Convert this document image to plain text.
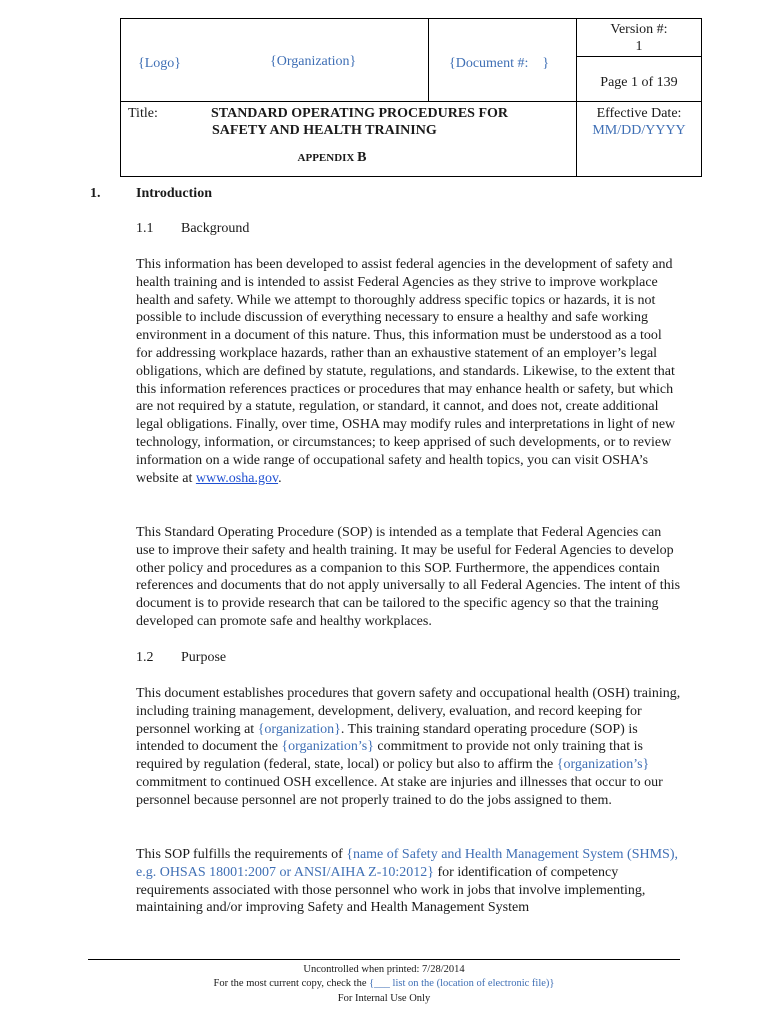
{Logo}	{Organization}	{Document #:    }
Version #:
1
Page 1 of 139
Title:	STANDARD OPERATING PROCEDURES FOR
SAFETY AND HEALTH TRAINING
APPENDIX B
Effective Date:
MM/DD/YYYY
1.	Introduction
1.1 Background
This information has been developed to assist federal agencies in the development of safety and health training and is intended to assist Federal Agencies as they strive to improve workplace health and safety. While we attempt to thoroughly address specific topics or hazards, it is not possible to include discussion of everything necessary to ensure a healthy and safe working environment in a document of this nature. Thus, this information must be understood as a tool for addressing workplace hazards, rather than an exhaustive statement of an employer’s legal obligations, which are defined by statute, regulations, and standards. Likewise, to the extent that this information references practices or procedures that may enhance health or safety, but which are not required by a statute, regulation, or standard, it cannot, and does not, create additional legal obligations. Finally, over time, OSHA may modify rules and interpretations in light of new technology, information, or circumstances; to keep apprised of such developments, or to review information on a wide range of occupational safety and health topics, you can visit OSHA’s website at www.osha.gov.
This Standard Operating Procedure (SOP) is intended as a template that Federal Agencies can use to improve their safety and health training. It may be useful for Federal Agencies to develop other policy and procedures as a companion to this SOP. Furthermore, the appendices contain references and documents that do not apply universally to all Federal Agencies. The intent of this document is to provide research that can be tailored to the specific agency so that the training developed can promote safe and healthy workplaces.
1.2 Purpose
This document establishes procedures that govern safety and occupational health (OSH) training, including training management, development, delivery, evaluation, and record keeping for personnel working at {organization}. This training standard operating procedure (SOP) is intended to document the {organization’s} commitment to provide not only training that is required by regulation (federal, state, local) or policy but also to affirm the {organization’s} commitment to continued OSH excellence. At stake are injuries and illnesses that occur to our personnel because personnel are not properly trained to do the jobs assigned to them.
This SOP fulfills the requirements of {name of Safety and Health Management System (SHMS), e.g. OHSAS 18001:2007 or ANSI/AIHA Z-10:2012} for identification of competency requirements associated with those personnel who work in jobs that involve implementing, maintaining and/or improving Safety and Health Management System
Uncontrolled when printed: 7/28/2014
For the most current copy, check the {___ list on the (location of electronic file)}
For Internal Use Only
